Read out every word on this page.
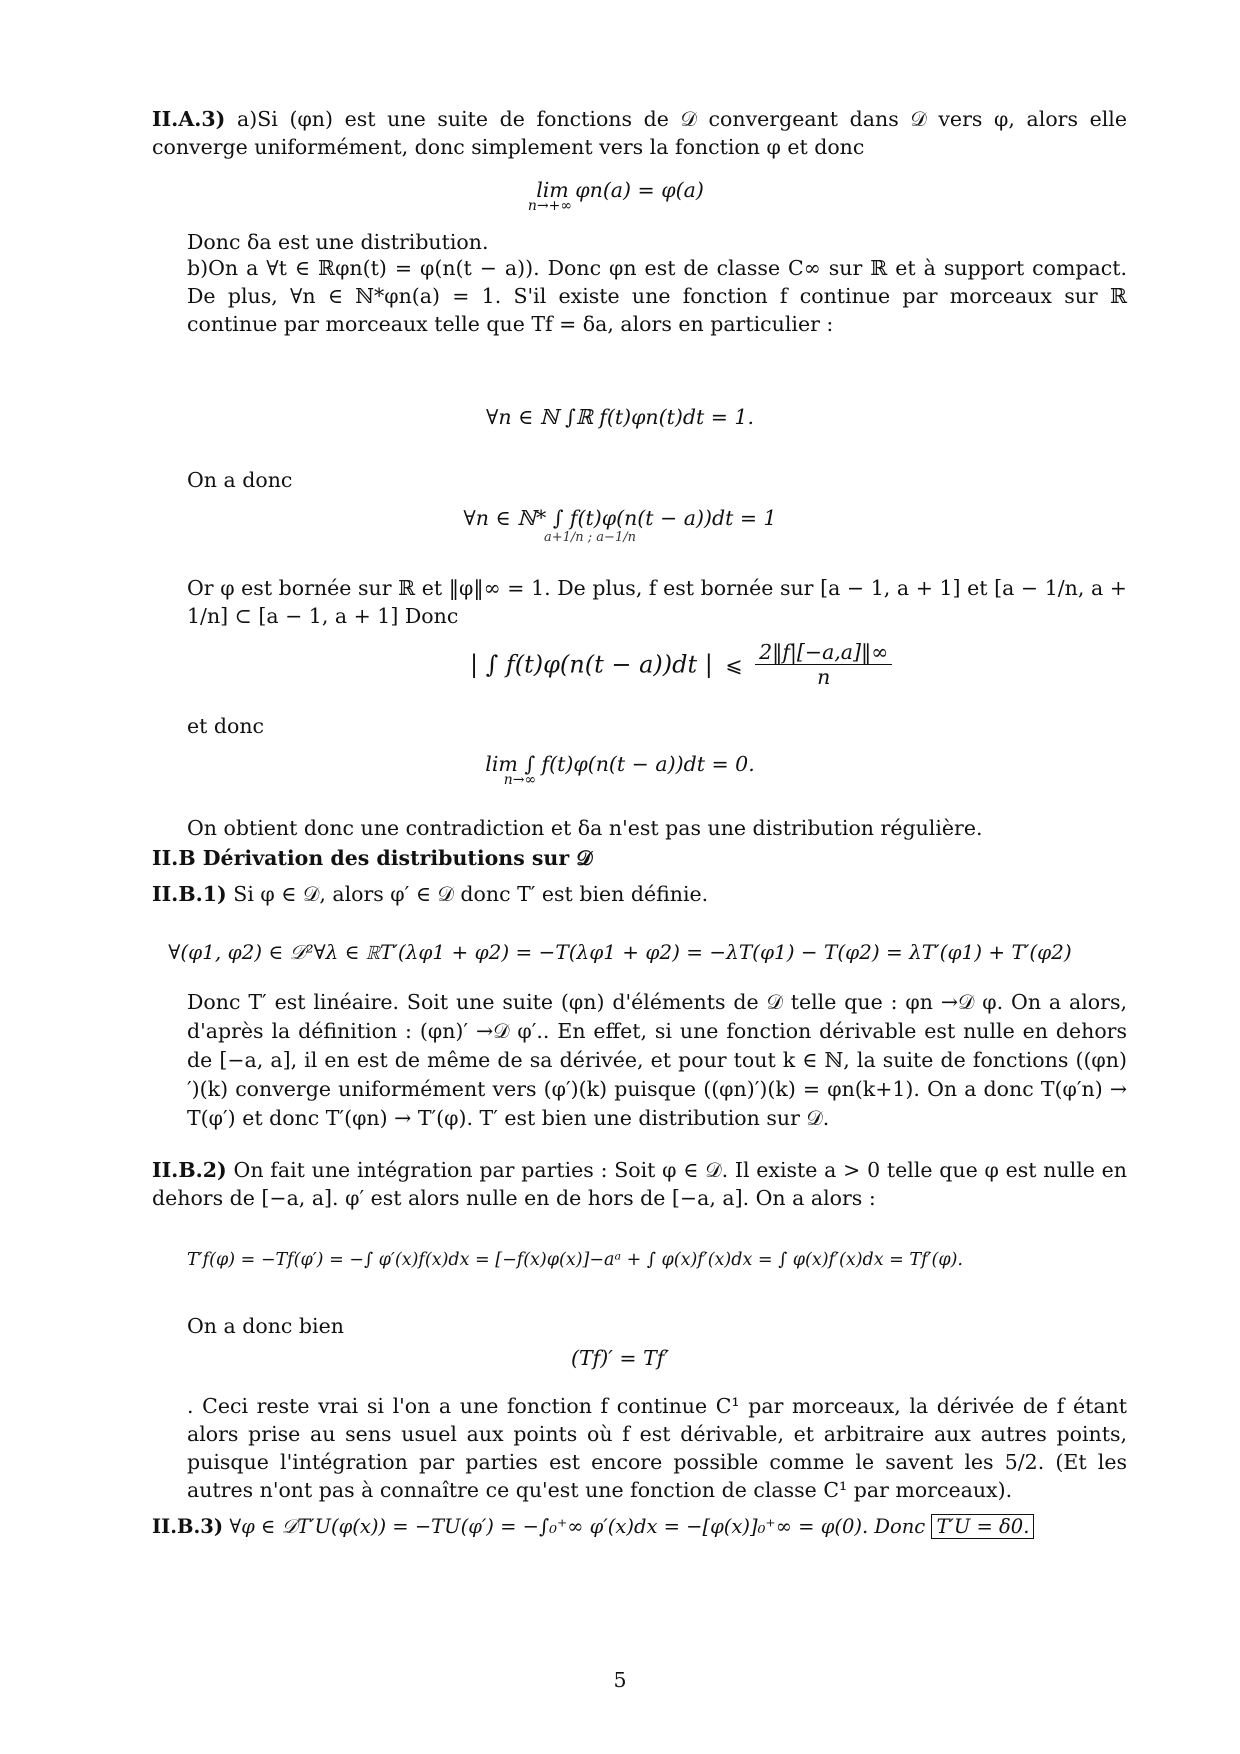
II.A.3) a)Si (φn) est une suite de fonctions de 𝒟 convergeant dans 𝒟 vers φ, alors elle converge uniformément, donc simplement vers la fonction φ et donc
lim φn(a) = φ(a)
n→+∞
Donc δa est une distribution.
b)On a ∀t ∈ ℝφn(t) = φ(n(t − a)). Donc φn est de classe C∞ sur ℝ et à support compact. De plus, ∀n ∈ ℕ*φn(a) = 1. S'il existe une fonction f continue par morceaux sur ℝ continue par morceaux telle que Tf = δa, alors en particulier :
∀n ∈ ℕ ∫ℝ f(t)φn(t)dt = 1.
On a donc
∀n ∈ ℕ* ∫ f(t)φ(n(t − a))dt = 1
a+1/n ; a−1/n
Or φ est bornée sur ℝ et ‖φ‖∞ = 1. De plus, f est bornée sur [a − 1, a + 1] et [a − 1/n, a + 1/n] ⊂ [a − 1, a + 1] Donc
| ∫ f(t)φ(n(t − a))dt | ⩽ $\frac{2‖f|[-a,a]‖\infty}{n}$
et donc
lim ∫ f(t)φ(n(t − a))dt = 0.
n→∞
On obtient donc une contradiction et δa n'est pas une distribution régulière.
II.B Dérivation des distributions sur 𝒟
II.B.1) Si φ ∈ 𝒟, alors φ′ ∈ 𝒟 donc T′ est bien définie.
∀(φ1, φ2) ∈ 𝒟²∀λ ∈ ℝT′(λφ1 + φ2) = −T(λφ1 + φ2) = −λT(φ1) − T(φ2) = λT′(φ1) + T′(φ2)
Donc T′ est linéaire. Soit une suite (φn) d'éléments de 𝒟 telle que : φn →𝒟 φ. On a alors, d'après la définition : (φn)′ →𝒟 φ′.. En effet, si une fonction dérivable est nulle en dehors de [−a, a], il en est de même de sa dérivée, et pour tout k ∈ ℕ, la suite de fonctions ((φn)′)(k) converge uniformément vers (φ′)(k) puisque ((φn)′)(k) = φn(k+1). On a donc T(φ′n) → T(φ′) et donc T′(φn) → T′(φ). T′ est bien une distribution sur 𝒟.
II.B.2) On fait une intégration par parties : Soit φ ∈ 𝒟. Il existe a > 0 telle que φ est nulle en dehors de [−a, a]. φ′ est alors nulle en de hors de [−a, a]. On a alors :
T′f(φ) = −Tf(φ′) = −∫ φ′(x)f(x)dx = [−f(x)φ(x)]−aᵃ + ∫ φ(x)f′(x)dx = ∫ φ(x)f′(x)dx = Tf′(φ).
On a donc bien
(Tf)′ = Tf′
. Ceci reste vrai si l'on a une fonction f continue C¹ par morceaux, la dérivée de f étant alors prise au sens usuel aux points où f est dérivable, et arbitraire aux autres points, puisque l'intégration par parties est encore possible comme le savent les 5/2. (Et les autres n'ont pas à connaître ce qu'est une fonction de classe C¹ par morceaux).
II.B.3) ∀φ ∈ 𝒟T′U(φ(x)) = −TU(φ′) = −∫₀⁺∞ φ′(x)dx = −[φ(x)]₀⁺∞ = φ(0). Donc T′U = δ0.
5
